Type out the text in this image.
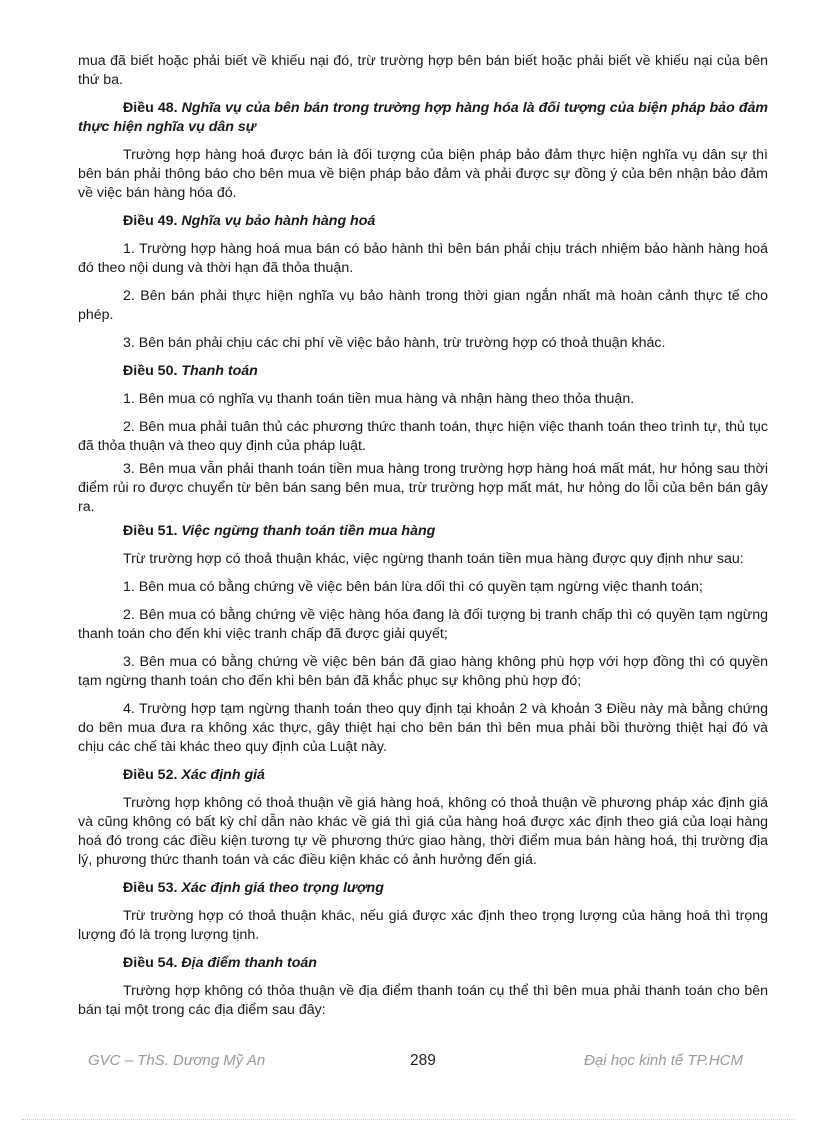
mua đã biết hoặc phải biết về khiếu nại đó, trừ trường hợp bên bán biết hoặc phải biết về khiếu nại của bên thứ ba.

Điều 48. Nghĩa vụ của bên bán trong trường hợp hàng hóa là đối tượng của biện pháp bảo đảm thực hiện nghĩa vụ dân sự

Trường hợp hàng hoá được bán là đối tượng của biện pháp bảo đảm thực hiện nghĩa vụ dân sự thì bên bán phải thông báo cho bên mua về biện pháp bảo đảm và phải được sự đồng ý của bên nhận bảo đảm về việc bán hàng hóa đó.

Điều 49. Nghĩa vụ bảo hành hàng hoá

1. Trường hợp hàng hoá mua bán có bảo hành thì bên bán phải chịu trách nhiệm bảo hành hàng hoá đó theo nội dung và thời hạn đã thỏa thuận.

2. Bên bán phải thực hiện nghĩa vụ bảo hành trong thời gian ngắn nhất mà hoàn cảnh thực tế cho phép.

3. Bên bán phải chịu các chi phí về việc bảo hành, trừ trường hợp có thoả thuận khác.

Điều 50. Thanh toán

1. Bên mua có nghĩa vụ thanh toán tiền mua hàng và nhận hàng theo thỏa thuận.

2. Bên mua phải tuân thủ các phương thức thanh toán, thực hiện việc thanh toán theo trình tự, thủ tục đã thỏa thuận và theo quy định của pháp luật.

3. Bên mua vẫn phải thanh toán tiền mua hàng trong trường hợp hàng hoá mất mát, hư hỏng sau thời điểm rủi ro được chuyển từ bên bán sang bên mua, trừ trường hợp mất mát, hư hỏng do lỗi của bên bán gây ra.

Điều 51. Việc ngừng thanh toán tiền mua hàng

Trừ trường hợp có thoả thuận khác, việc ngừng thanh toán tiền mua hàng được quy định như sau:

1. Bên mua có bằng chứng về việc bên bán lừa dối thì có quyền tạm ngừng việc thanh toán;

2. Bên mua có bằng chứng về việc hàng hóa đang là đối tượng bị tranh chấp thì có quyền tạm ngừng thanh toán cho đến khi việc tranh chấp đã được giải quyết;

3. Bên mua có bằng chứng về việc bên bán đã giao hàng không phù hợp với hợp đồng thì có quyền tạm ngừng thanh toán cho đến khi bên bán đã khắc phục sự không phù hợp đó;

4. Trường hợp tạm ngừng thanh toán theo quy định tại khoản 2 và khoản 3 Điều này mà bằng chứng do bên mua đưa ra không xác thực, gây thiệt hại cho bên bán thì bên mua phải bồi thường thiệt hại đó và chịu các chế tài khác theo quy định của Luật này.

Điều 52. Xác định giá

Trường hợp không có thoả thuận về giá hàng hoá, không có thoả thuận về phương pháp xác định giá và cũng không có bất kỳ chỉ dẫn nào khác về giá thì giá của hàng hoá được xác định theo giá của loại hàng hoá đó trong các điều kiện tương tự về phương thức giao hàng, thời điểm mua bán hàng hoá, thị trường địa lý, phương thức thanh toán và các điều kiện khác có ảnh hưởng đến giá.

Điều 53. Xác định giá theo trọng lượng

Trừ trường hợp có thoả thuận khác, nếu giá được xác định theo trọng lượng của hàng hoá thì trọng lượng đó là trọng lượng tịnh.

Điều 54. Địa điểm thanh toán

Trường hợp không có thỏa thuận về địa điểm thanh toán cụ thể thì bên mua phải thanh toán cho bên bán tại một trong các địa điểm sau đây:

GVC – ThS. Dương Mỹ An	289	Đại học kinh tế TP.HCM
